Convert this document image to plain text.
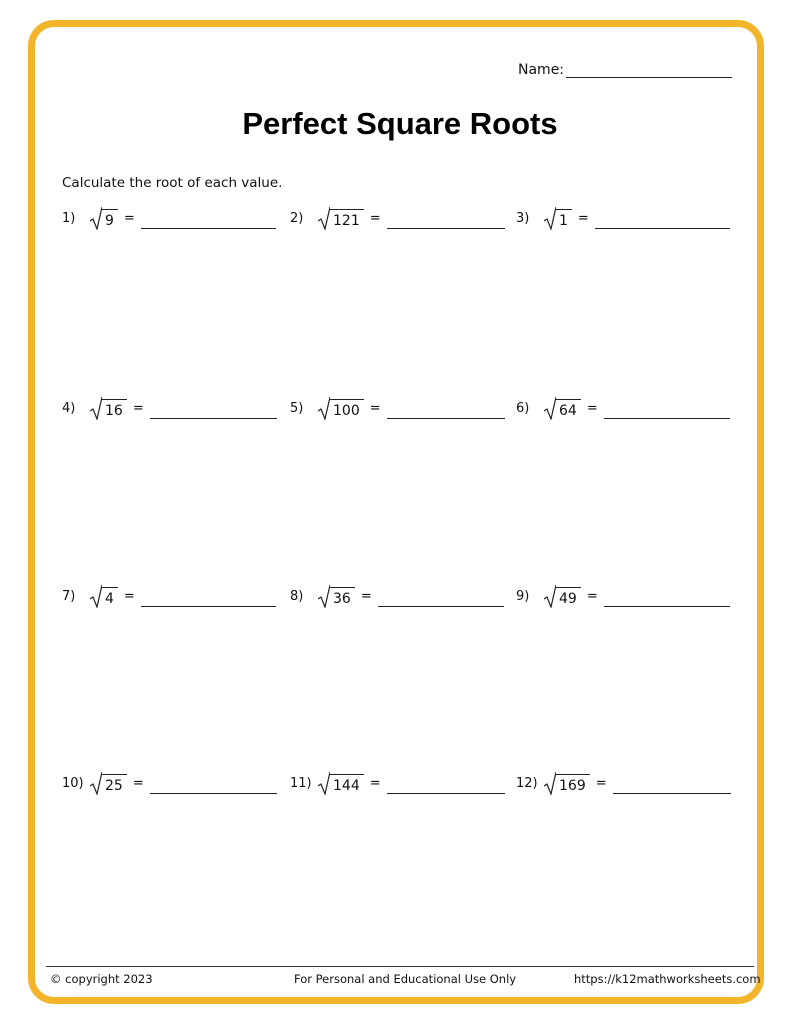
Name:
Perfect Square Roots
Calculate the root of each value.
1)	9 =	2)	121 =	3)	1 =
4)	16 =	5)	100 =	6)	64 =
7)	4 =	8)	36 =	9)	49 =
10)	25 =	11)	144 =	12)	169 =
© copyright 2023	For Personal and Educational Use Only	https://k12mathworksheets.com
